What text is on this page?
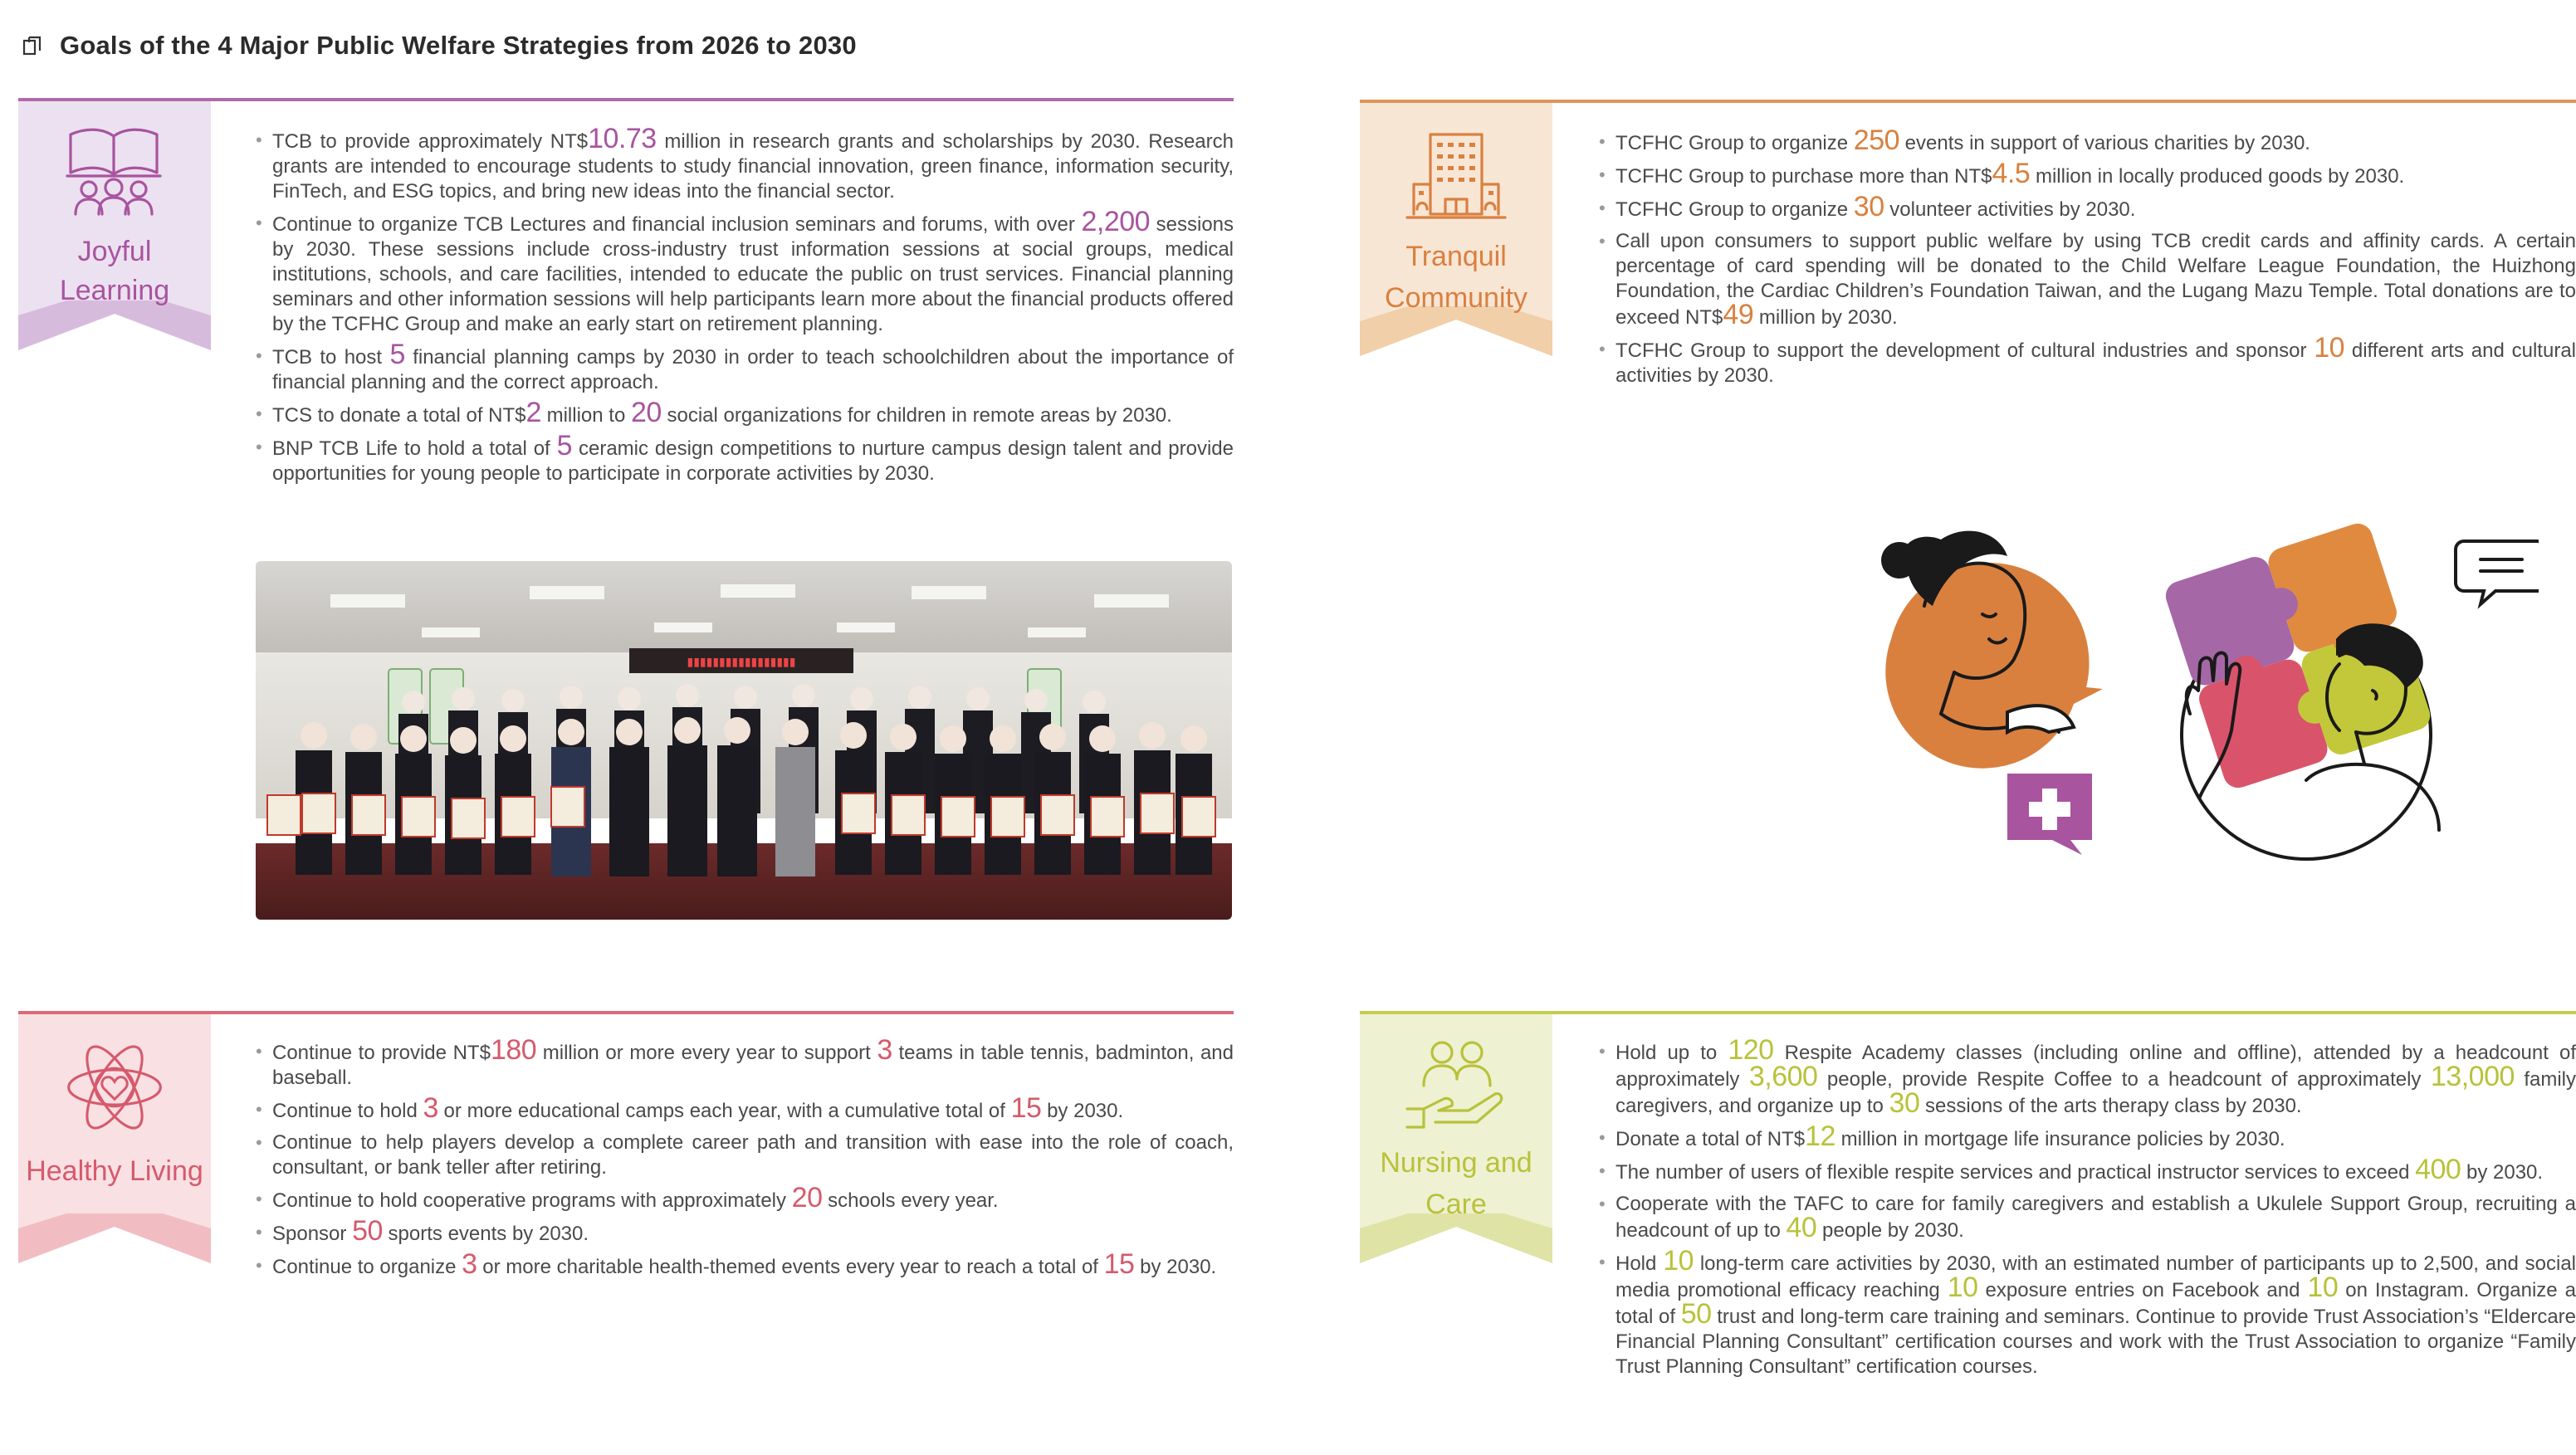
Goals of the 4 Major Public Welfare Strategies from 2026 to 2030
Joyful
Learning
• TCB to provide approximately NT$10.73 million in research grants and scholarships by 2030. Research grants are intended to encourage students to study financial innovation, green finance, information security, FinTech, and ESG topics, and bring new ideas into the financial sector.
• Continue to organize TCB Lectures and financial inclusion seminars and forums, with over 2,200 sessions by 2030. These sessions include cross-industry trust information sessions at social groups, medical institutions, schools, and care facilities, intended to educate the public on trust services. Financial planning seminars and other information sessions will help participants learn more about the financial products offered by the TCFHC Group and make an early start on retirement planning.
• TCB to host 5 financial planning camps by 2030 in order to teach schoolchildren about the importance of financial planning and the correct approach.
• TCS to donate a total of NT$2 million to 20 social organizations for children in remote areas by 2030.
• BNP TCB Life to hold a total of 5 ceramic design competitions to nurture campus design talent and provide opportunities for young people to participate in corporate activities by 2030.
▮▮▮▮▮▮▮▮▮▮▮▮▮▮▮▮▮
Tranquil
Community
• TCFHC Group to organize 250 events in support of various charities by 2030.
• TCFHC Group to purchase more than NT$4.5 million in locally produced goods by 2030.
• TCFHC Group to organize 30 volunteer activities by 2030.
• Call upon consumers to support public welfare by using TCB credit cards and affinity cards. A certain percentage of card spending will be donated to the Child Welfare League Foundation, the Huizhong Foundation, the Cardiac Children’s Foundation Taiwan, and the Lugang Mazu Temple. Total donations are to exceed NT$49 million by 2030.
• TCFHC Group to support the development of cultural industries and sponsor 10 different arts and cultural activities by 2030.
Healthy Living
• Continue to provide NT$180 million or more every year to support 3 teams in table tennis, badminton, and baseball.
• Continue to hold 3 or more educational camps each year, with a cumulative total of 15 by 2030.
• Continue to help players develop a complete career path and transition with ease into the role of coach, consultant, or bank teller after retiring.
• Continue to hold cooperative programs with approximately 20 schools every year.
• Sponsor 50 sports events by 2030.
• Continue to organize 3 or more charitable health-themed events every year to reach a total of 15 by 2030.
Nursing and
Care
• Hold up to 120 Respite Academy classes (including online and offline), attended by a headcount of approximately 3,600 people, provide Respite Coffee to a headcount of approximately 13,000 family caregivers, and organize up to 30 sessions of the arts therapy class by 2030.
• Donate a total of NT$12 million in mortgage life insurance policies by 2030.
• The number of users of flexible respite services and practical instructor services to exceed 400 by 2030.
• Cooperate with the TAFC to care for family caregivers and establish a Ukulele Support Group, recruiting a headcount of up to 40 people by 2030.
• Hold 10 long-term care activities by 2030, with an estimated number of participants up to 2,500, and social media promotional efficacy reaching 10 exposure entries on Facebook and 10 on Instagram. Organize a total of 50 trust and long-term care training and seminars. Continue to provide Trust Association’s “Eldercare Financial Planning Consultant” certification courses and work with the Trust Association to organize “Family Trust Planning Consultant” certification courses.
